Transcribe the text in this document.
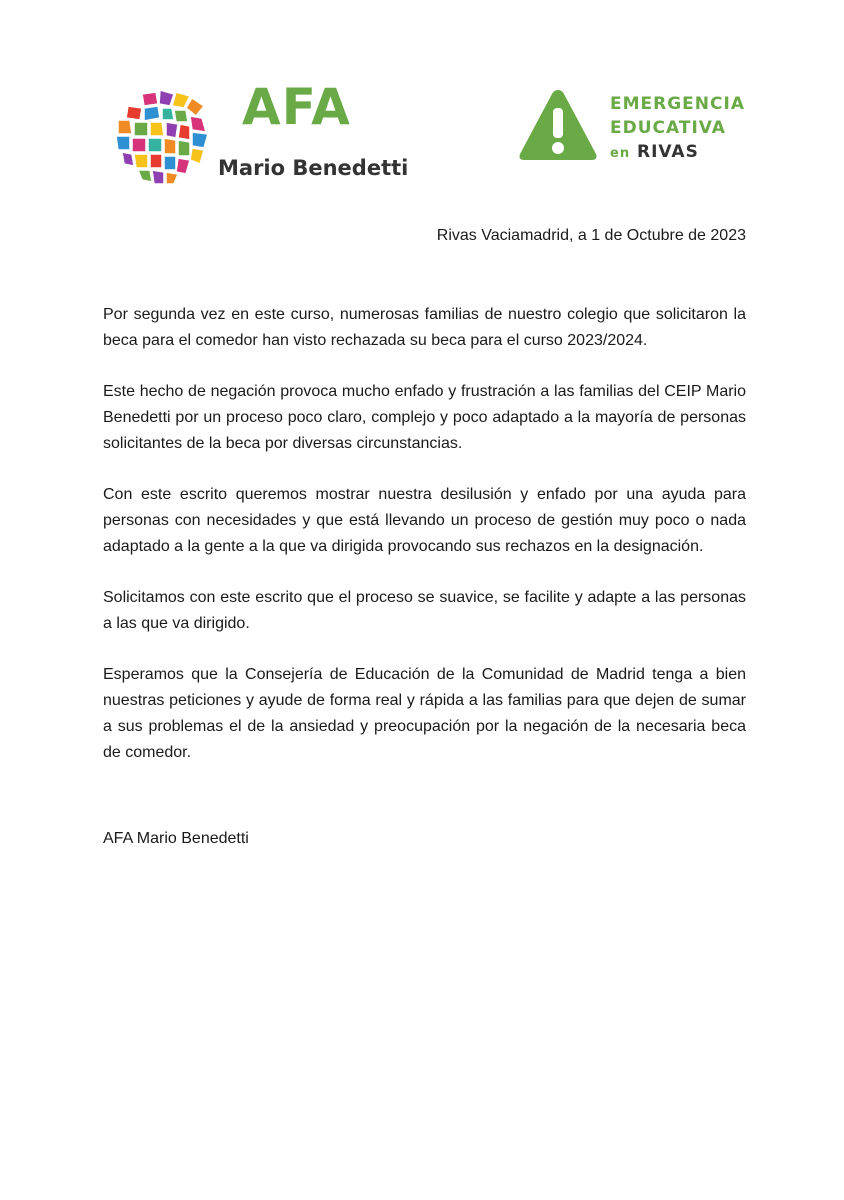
AFA
Mario Benedetti
EMERGENCIA
EDUCATIVA
en RIVAS
Rivas Vaciamadrid, a 1 de Octubre de 2023

Por segunda vez en este curso, numerosas familias de nuestro colegio que solicitaron la beca para el comedor han visto rechazada su beca para el curso 2023/2024.

Este hecho de negación provoca mucho enfado y frustración a las familias del CEIP Mario Benedetti por un proceso poco claro, complejo y poco adaptado a la mayoría de personas solicitantes de la beca por diversas circunstancias.

Con este escrito queremos mostrar nuestra desilusión y enfado por una ayuda para personas con necesidades y que está llevando un proceso de gestión muy poco o nada adaptado a la gente a la que va dirigida provocando sus rechazos en la designación.

Solicitamos con este escrito que el proceso se suavice, se facilite y adapte a las personas a las que va dirigido.

Esperamos que la Consejería de Educación de la Comunidad de Madrid tenga a bien nuestras peticiones y ayude de forma real y rápida a las familias para que dejen de sumar a sus problemas el de la ansiedad y preocupación por la negación de la necesaria beca de comedor.

AFA Mario Benedetti
